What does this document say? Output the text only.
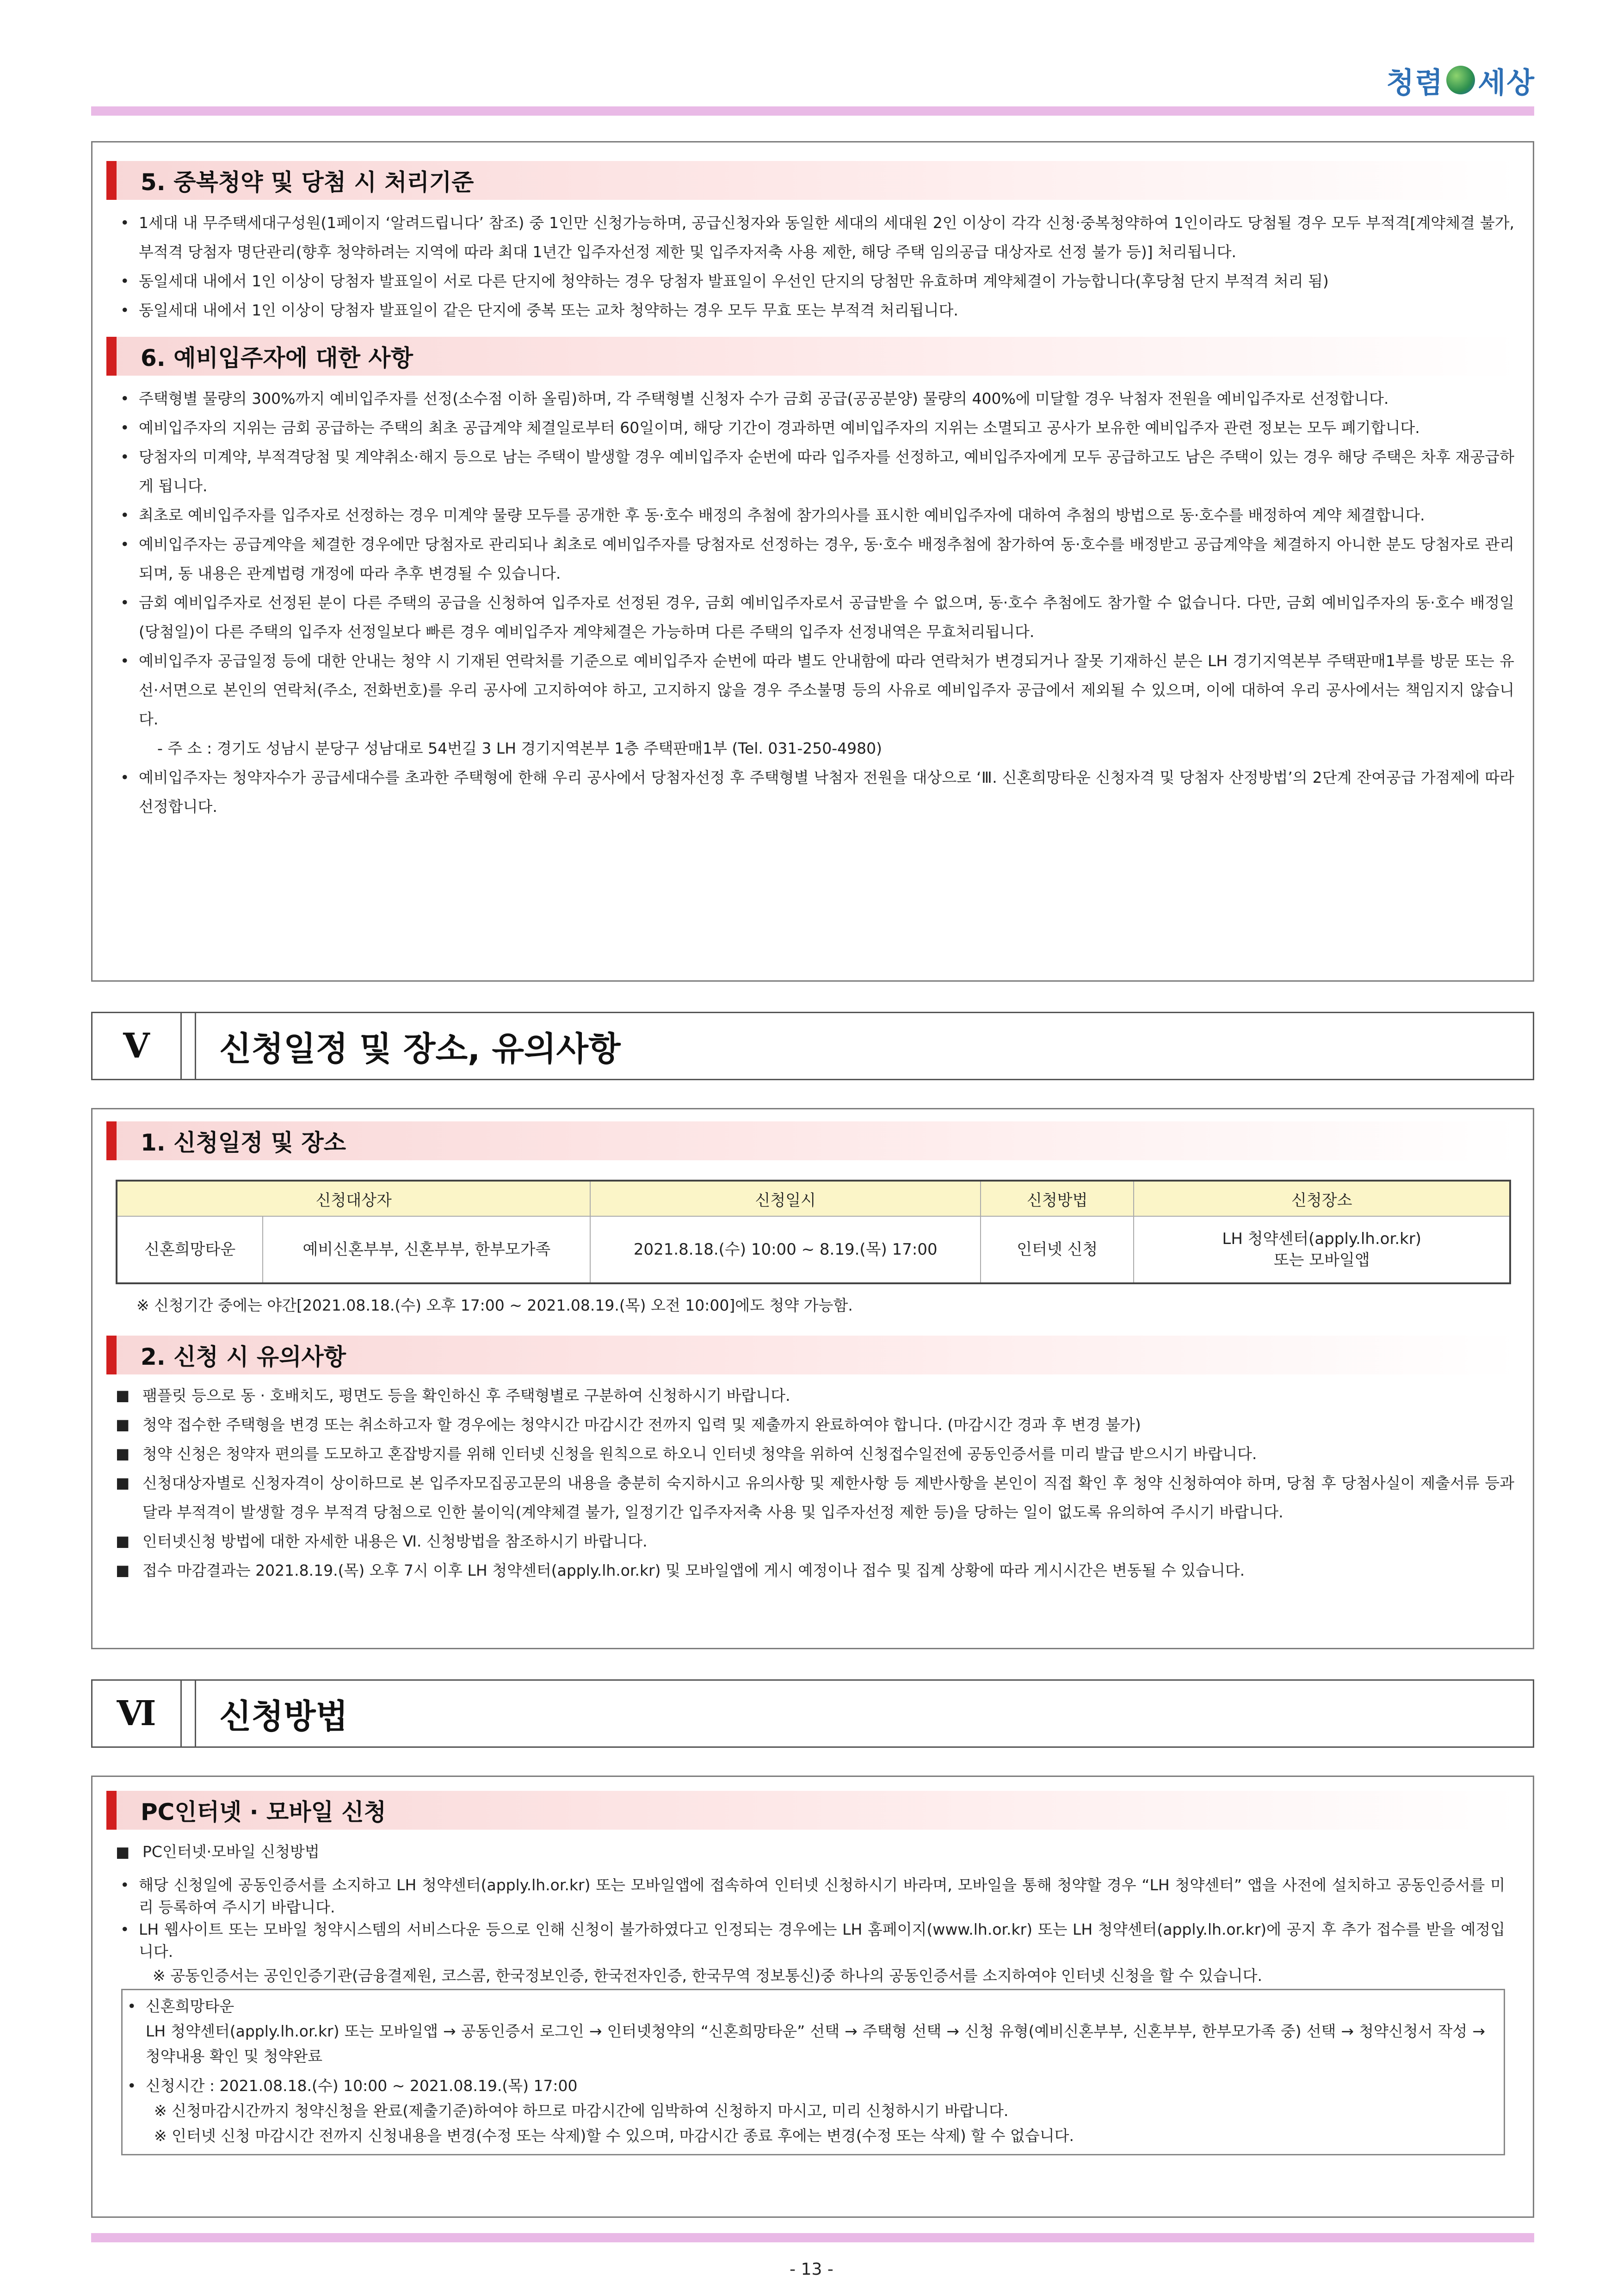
청렴 세상
5. 중복청약 및 당첨 시 처리기준
• 1세대 내 무주택세대구성원(1페이지 ‘알려드립니다’ 참조) 중 1인만 신청가능하며, 공급신청자와 동일한 세대의 세대원 2인 이상이 각각 신청·중복청약하여 1인이라도 당첨될 경우 모두 부적격[계약체결 불가, 부적격 당첨자 명단관리(향후 청약하려는 지역에 따라 최대 1년간 입주자선정 제한 및 입주자저축 사용 제한, 해당 주택 임의공급 대상자로 선정 불가 등)] 처리됩니다.
• 동일세대 내에서 1인 이상이 당첨자 발표일이 서로 다른 단지에 청약하는 경우 당첨자 발표일이 우선인 단지의 당첨만 유효하며 계약체결이 가능합니다(후당첨 단지 부적격 처리 됨)
• 동일세대 내에서 1인 이상이 당첨자 발표일이 같은 단지에 중복 또는 교차 청약하는 경우 모두 무효 또는 부적격 처리됩니다.
6. 예비입주자에 대한 사항
• 주택형별 물량의 300%까지 예비입주자를 선정(소수점 이하 올림)하며, 각 주택형별 신청자 수가 금회 공급(공공분양) 물량의 400%에 미달할 경우 낙첨자 전원을 예비입주자로 선정합니다.
• 예비입주자의 지위는 금회 공급하는 주택의 최초 공급계약 체결일로부터 60일이며, 해당 기간이 경과하면 예비입주자의 지위는 소멸되고 공사가 보유한 예비입주자 관련 정보는 모두 폐기합니다.
• 당첨자의 미계약, 부적격당첨 및 계약취소·해지 등으로 남는 주택이 발생할 경우 예비입주자 순번에 따라 입주자를 선정하고, 예비입주자에게 모두 공급하고도 남은 주택이 있는 경우 해당 주택은 차후 재공급하게 됩니다.
• 최초로 예비입주자를 입주자로 선정하는 경우 미계약 물량 모두를 공개한 후 동·호수 배정의 추첨에 참가의사를 표시한 예비입주자에 대하여 추첨의 방법으로 동·호수를 배정하여 계약 체결합니다.
• 예비입주자는 공급계약을 체결한 경우에만 당첨자로 관리되나 최초로 예비입주자를 당첨자로 선정하는 경우, 동·호수 배정추첨에 참가하여 동·호수를 배정받고 공급계약을 체결하지 아니한 분도 당첨자로 관리되며, 동 내용은 관계법령 개정에 따라 추후 변경될 수 있습니다.
• 금회 예비입주자로 선정된 분이 다른 주택의 공급을 신청하여 입주자로 선정된 경우, 금회 예비입주자로서 공급받을 수 없으며, 동·호수 추첨에도 참가할 수 없습니다. 다만, 금회 예비입주자의 동·호수 배정일(당첨일)이 다른 주택의 입주자 선정일보다 빠른 경우 예비입주자 계약체결은 가능하며 다른 주택의 입주자 선정내역은 무효처리됩니다.
• 예비입주자 공급일정 등에 대한 안내는 청약 시 기재된 연락처를 기준으로 예비입주자 순번에 따라 별도 안내함에 따라 연락처가 변경되거나 잘못 기재하신 분은 LH 경기지역본부 주택판매1부를 방문 또는 유선·서면으로 본인의 연락처(주소, 전화번호)를 우리 공사에 고지하여야 하고, 고지하지 않을 경우 주소불명 등의 사유로 예비입주자 공급에서 제외될 수 있으며, 이에 대하여 우리 공사에서는 책임지지 않습니다.
- 주 소 : 경기도 성남시 분당구 성남대로 54번길 3 LH 경기지역본부 1층 주택판매1부 (Tel. 031-250-4980)
• 예비입주자는 청약자수가 공급세대수를 초과한 주택형에 한해 우리 공사에서 당첨자선정 후 주택형별 낙첨자 전원을 대상으로 ‘Ⅲ. 신혼희망타운 신청자격 및 당첨자 산정방법’의 2단계 잔여공급 가점제에 따라 선정합니다.
V	신청일정 및 장소, 유의사항
1. 신청일정 및 장소
신청대상자		신청일시	신청방법	신청장소
신혼희망타운	예비신혼부부, 신혼부부, 한부모가족	2021.8.18.(수) 10:00 ~ 8.19.(목) 17:00	인터넷 신청	LH 청약센터(apply.lh.or.kr)
또는 모바일앱
※ 신청기간 중에는 야간[2021.08.18.(수) 오후 17:00 ~ 2021.08.19.(목) 오전 10:00]에도 청약 가능함.
2. 신청 시 유의사항
■ 팸플릿 등으로 동 · 호배치도, 평면도 등을 확인하신 후 주택형별로 구분하여 신청하시기 바랍니다.
■ 청약 접수한 주택형을 변경 또는 취소하고자 할 경우에는 청약시간 마감시간 전까지 입력 및 제출까지 완료하여야 합니다. (마감시간 경과 후 변경 불가)
■ 청약 신청은 청약자 편의를 도모하고 혼잡방지를 위해 인터넷 신청을 원칙으로 하오니 인터넷 청약을 위하여 신청접수일전에 공동인증서를 미리 발급 받으시기 바랍니다.
■ 신청대상자별로 신청자격이 상이하므로 본 입주자모집공고문의 내용을 충분히 숙지하시고 유의사항 및 제한사항 등 제반사항을 본인이 직접 확인 후 청약 신청하여야 하며, 당첨 후 당첨사실이 제출서류 등과 달라 부적격이 발생할 경우 부적격 당첨으로 인한 불이익(계약체결 불가, 일정기간 입주자저축 사용 및 입주자선정 제한 등)을 당하는 일이 없도록 유의하여 주시기 바랍니다.
■ 인터넷신청 방법에 대한 자세한 내용은 Ⅵ. 신청방법을 참조하시기 바랍니다.
■ 접수 마감결과는 2021.8.19.(목) 오후 7시 이후 LH 청약센터(apply.lh.or.kr) 및 모바일앱에 게시 예정이나 접수 및 집계 상황에 따라 게시시간은 변동될 수 있습니다.
Ⅵ	신청방법
PC인터넷 · 모바일 신청
■ PC인터넷·모바일 신청방법
• 해당 신청일에 공동인증서를 소지하고 LH 청약센터(apply.lh.or.kr) 또는 모바일앱에 접속하여 인터넷 신청하시기 바라며, 모바일을 통해 청약할 경우 “LH 청약센터” 앱을 사전에 설치하고 공동인증서를 미리 등록하여 주시기 바랍니다.
• LH 웹사이트 또는 모바일 청약시스템의 서비스다운 등으로 인해 신청이 불가하였다고 인정되는 경우에는 LH 홈페이지(www.lh.or.kr) 또는 LH 청약센터(apply.lh.or.kr)에 공지 후 추가 접수를 받을 예정입니다.
※ 공동인증서는 공인인증기관(금융결제원, 코스콤, 한국정보인증, 한국전자인증, 한국무역 정보통신)중 하나의 공동인증서를 소지하여야 인터넷 신청을 할 수 있습니다.
• 신혼희망타운
LH 청약센터(apply.lh.or.kr) 또는 모바일앱 → 공동인증서 로그인 → 인터넷청약의 “신혼희망타운” 선택 → 주택형 선택 → 신청 유형(예비신혼부부, 신혼부부, 한부모가족 중) 선택 → 청약신청서 작성 → 청약내용 확인 및 청약완료
• 신청시간 : 2021.08.18.(수) 10:00 ~ 2021.08.19.(목) 17:00
※ 신청마감시간까지 청약신청을 완료(제출기준)하여야 하므로 마감시간에 임박하여 신청하지 마시고, 미리 신청하시기 바랍니다.
※ 인터넷 신청 마감시간 전까지 신청내용을 변경(수정 또는 삭제)할 수 있으며, 마감시간 종료 후에는 변경(수정 또는 삭제) 할 수 없습니다.
- 13 -
